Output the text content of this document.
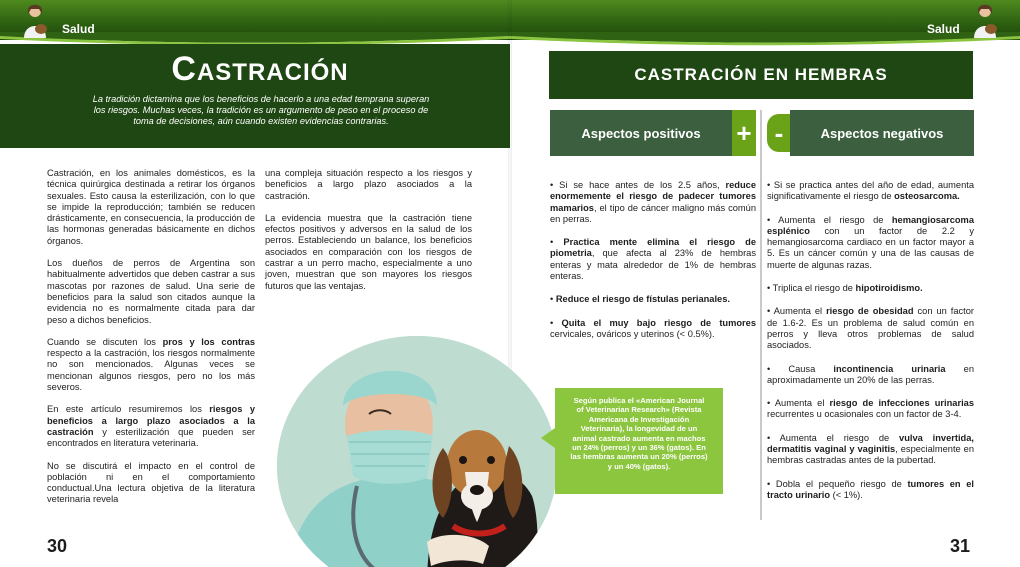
Salud	Salud
Castración
La tradición dictamina que los beneficios de hacerlo a una edad temprana superan los riesgos. Muchas veces, la tradición es un argumento de peso en el proceso de toma de decisiones, aún cuando existen evidencias contrarias.

Castración, en los animales domésticos, es la técnica quirúrgica destinada a retirar los órganos sexuales. Esto causa la esterilización, con lo que se impide la reproducción; también se reducen drásticamente, en consecuencia, la producción de las hormonas generadas básicamente en dichos órganos.

Los dueños de perros de Argentina son habitualmente advertidos que deben castrar a sus mascotas por razones de salud. Una serie de beneficios para la salud son citados aunque la evidencia no es normalmente citada para dar peso a dichos beneficios.

Cuando se discuten los pros y los contras respecto a la castración, los riesgos normalmente no son mencionados. Algunas veces se mencionan algunos riesgos, pero no los más severos.

En este artículo resumiremos los riesgos y beneficios a largo plazo asociados a la castración y esterilización que pueden ser encontrados en literatura veterinaria.

No se discutirá el impacto en el control de población ni en el comportamiento conductual.Una lectura objetiva de la literatura veterinaria revela

una compleja situación respecto a los riesgos y beneficios a largo plazo asociados a la castración.

La evidencia muestra que la castración tiene efectos positivos y adversos en la salud de los perros. Estableciendo un balance, los beneficios asociados en comparación con los riesgos de castrar a un perro macho, especialmente a uno joven, muestran que son mayores los riesgos futuros que las ventajas.

30
CASTRACIÓN EN HEMBRAS
Aspectos positivos + -	Aspectos negativos

• Si se hace antes de los 2.5 años, reduce enormemente el riesgo de padecer tumores mamarios, el tipo de cáncer maligno más común en perras.

• Practica mente elimina el riesgo de piometria, que afecta al 23% de hembras enteras y mata alrededor de 1% de hembras enteras.

• Reduce el riesgo de fístulas perianales.

• Quita el muy bajo riesgo de tumores cervicales, ováricos y uterinos (< 0.5%).

• Si se practica antes del año de edad, aumenta significativamente el riesgo de osteosarcoma.

• Aumenta el riesgo de hemangiosarcoma esplénico con un factor de 2.2 y hemangiosarcoma cardiaco en un factor mayor a 5. Es un cáncer común y una de las causas de muerte de algunas razas.

• Triplica el riesgo de hipotiroidismo.

• Aumenta el riesgo de obesidad con un factor de 1.6-2. Es un problema de salud común en perros y lleva otros problemas de salud asociados.

• Causa incontinencia urinaria en aproximadamente un 20% de las perras.

• Aumenta el riesgo de infecciones urinarias recurrentes u ocasionales con un factor de 3-4.

• Aumenta el riesgo de vulva invertida, dermatitis vaginal y vaginitis, especialmente en hembras castradas antes de la pubertad.

• Dobla el pequeño riesgo de tumores en el tracto urinario (< 1%).

Según publica el «American Journal of Veterinarian Research» (Revista Americana de Investigación Veterinaria), la longevidad de un animal castrado aumenta en machos un 24% (perros) y un 36% (gatos). En las hembras aumenta un 20% (perros) y un 40% (gatos).
31
